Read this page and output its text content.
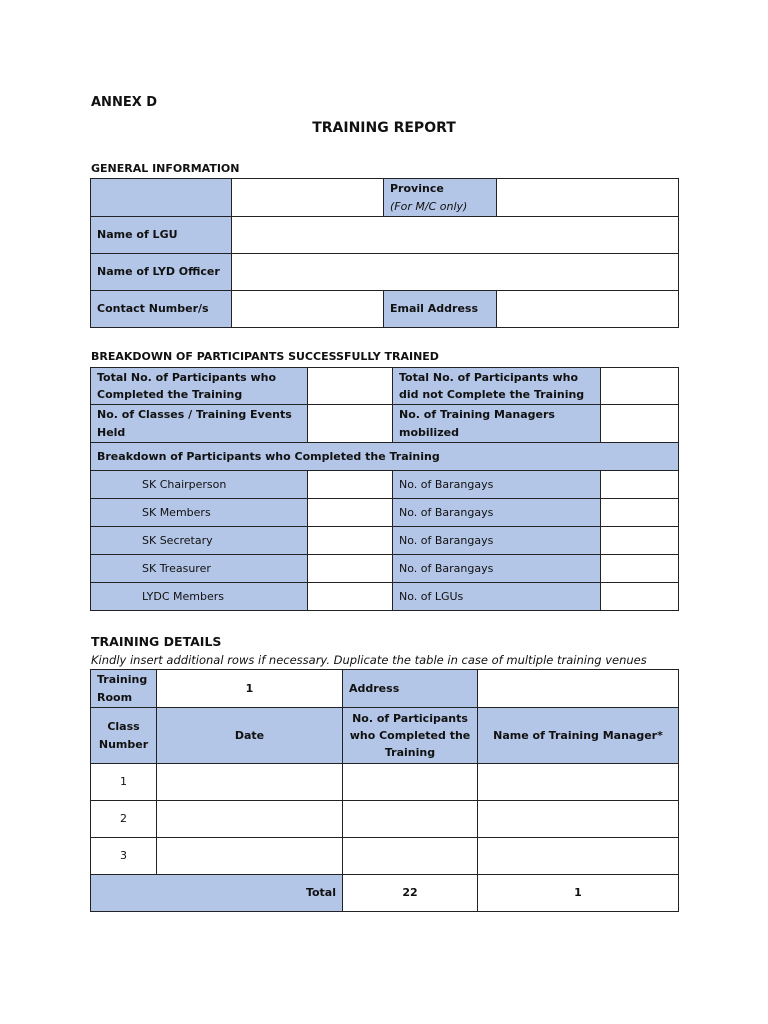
ANNEX D
TRAINING REPORT
GENERAL INFORMATION
		Province
(For M/C only)	
Name of LGU			
Name of LYD Officer			
Contact Number/s		Email Address	
BREAKDOWN OF PARTICIPANTS SUCCESSFULLY TRAINED
Total No. of Participants who Completed the Training		Total No. of Participants who did not Complete the Training	
No. of Classes / Training Events Held		No. of Training Managers mobilized	
Breakdown of Participants who Completed the Training			
SK Chairperson		No. of Barangays	
SK Members		No. of Barangays	
SK Secretary		No. of Barangays	
SK Treasurer		No. of Barangays	
LYDC Members		No. of LGUs	
TRAINING DETAILS
Kindly insert additional rows if necessary. Duplicate the table in case of multiple training venues
Training Room	1	Address	
Class Number	Date	No. of Participants who Completed the Training	Name of Training Manager*
1			
2			
3			
Total		22	1
